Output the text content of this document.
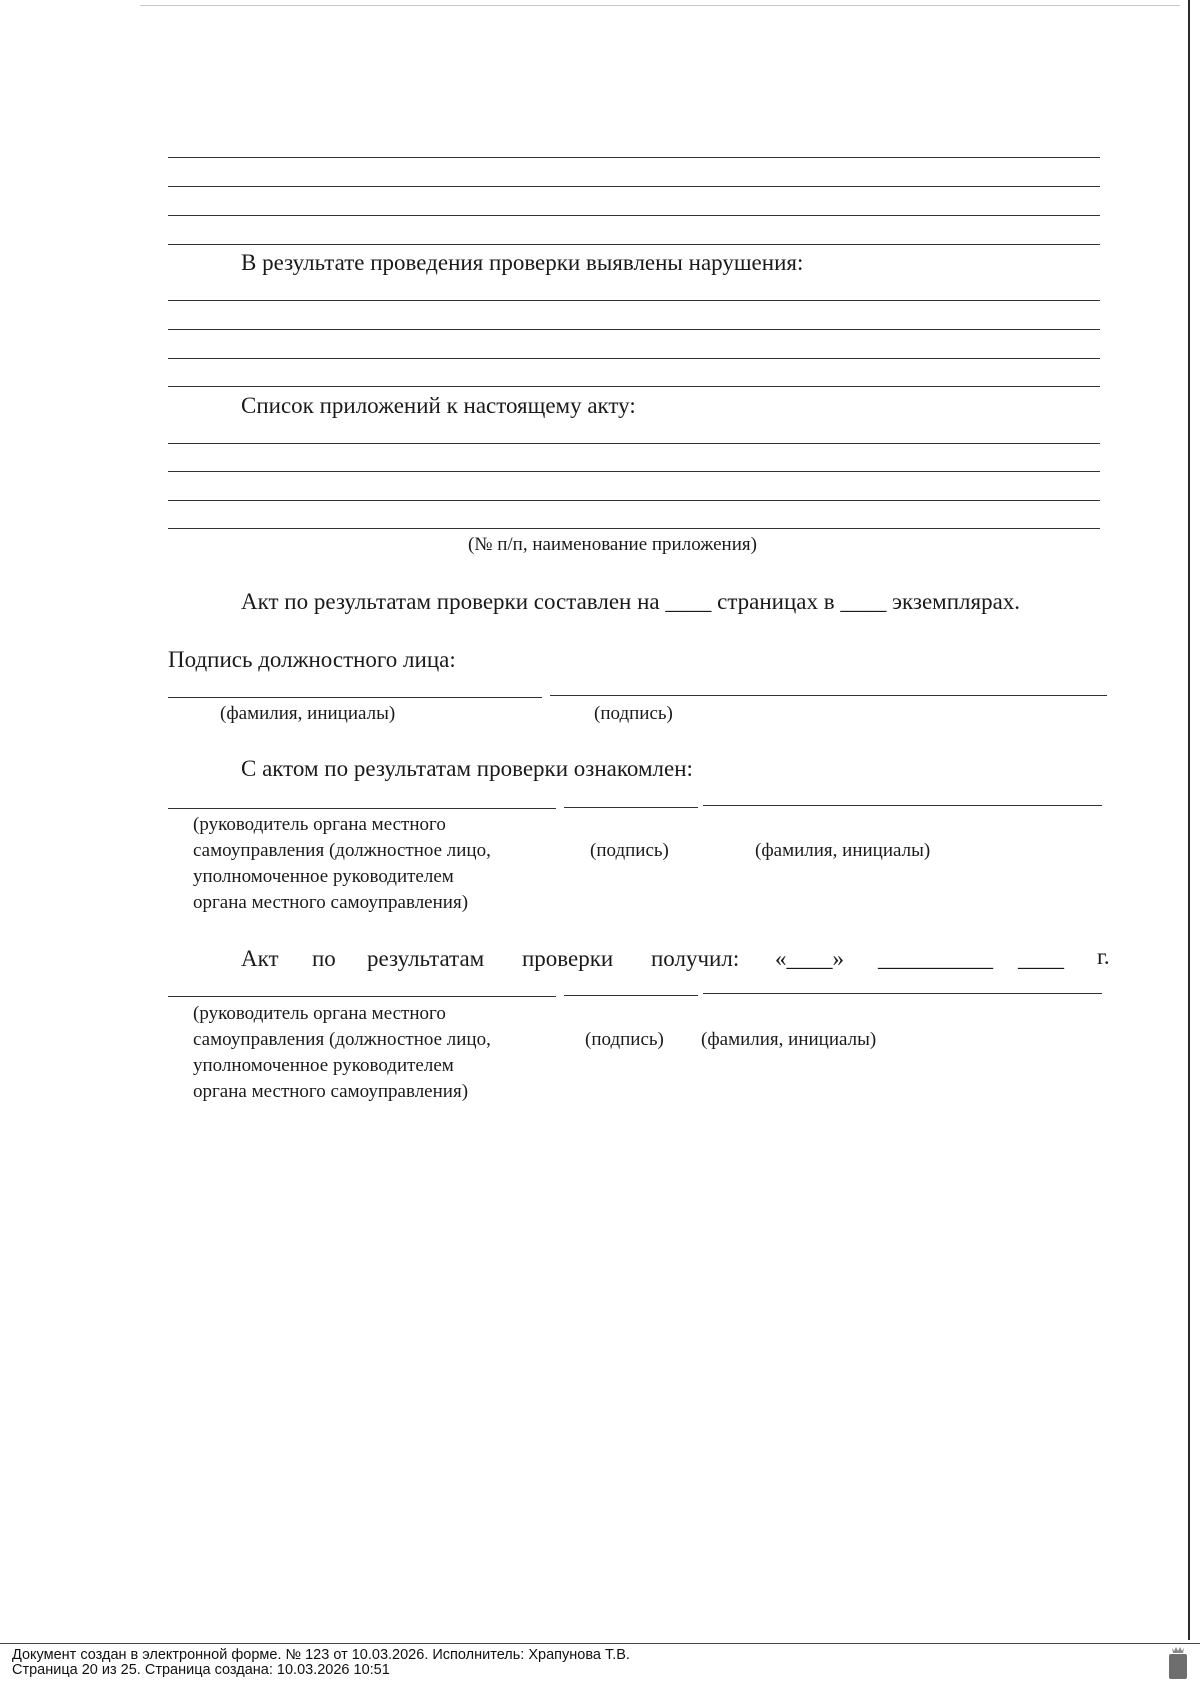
В результате проведения проверки выявлены нарушения:
Список приложений к настоящему акту:
(№ п/п, наименование приложения)
Акт по результатам проверки составлен на ____ страницах в ____ экземплярах.
Подпись должностного лица:
(фамилия, инициалы)	(подпись)
С актом по результатам проверки ознакомлен:
(руководитель органа местного
самоуправления (должностное лицо,
уполномоченное руководителем
органа местного самоуправления)
(подпись)	(фамилия, инициалы)
Акт по результатам проверки получил: «____» __________ ____ г.
(руководитель органа местного
самоуправления (должностное лицо,
уполномоченное руководителем
органа местного самоуправления)
(подпись) (фамилия, инициалы)
Документ создан в электронной форме. № 123 от 10.03.2026. Исполнитель: Храпунова Т.В.
Страница 20 из 25. Страница создана: 10.03.2026 10:51
